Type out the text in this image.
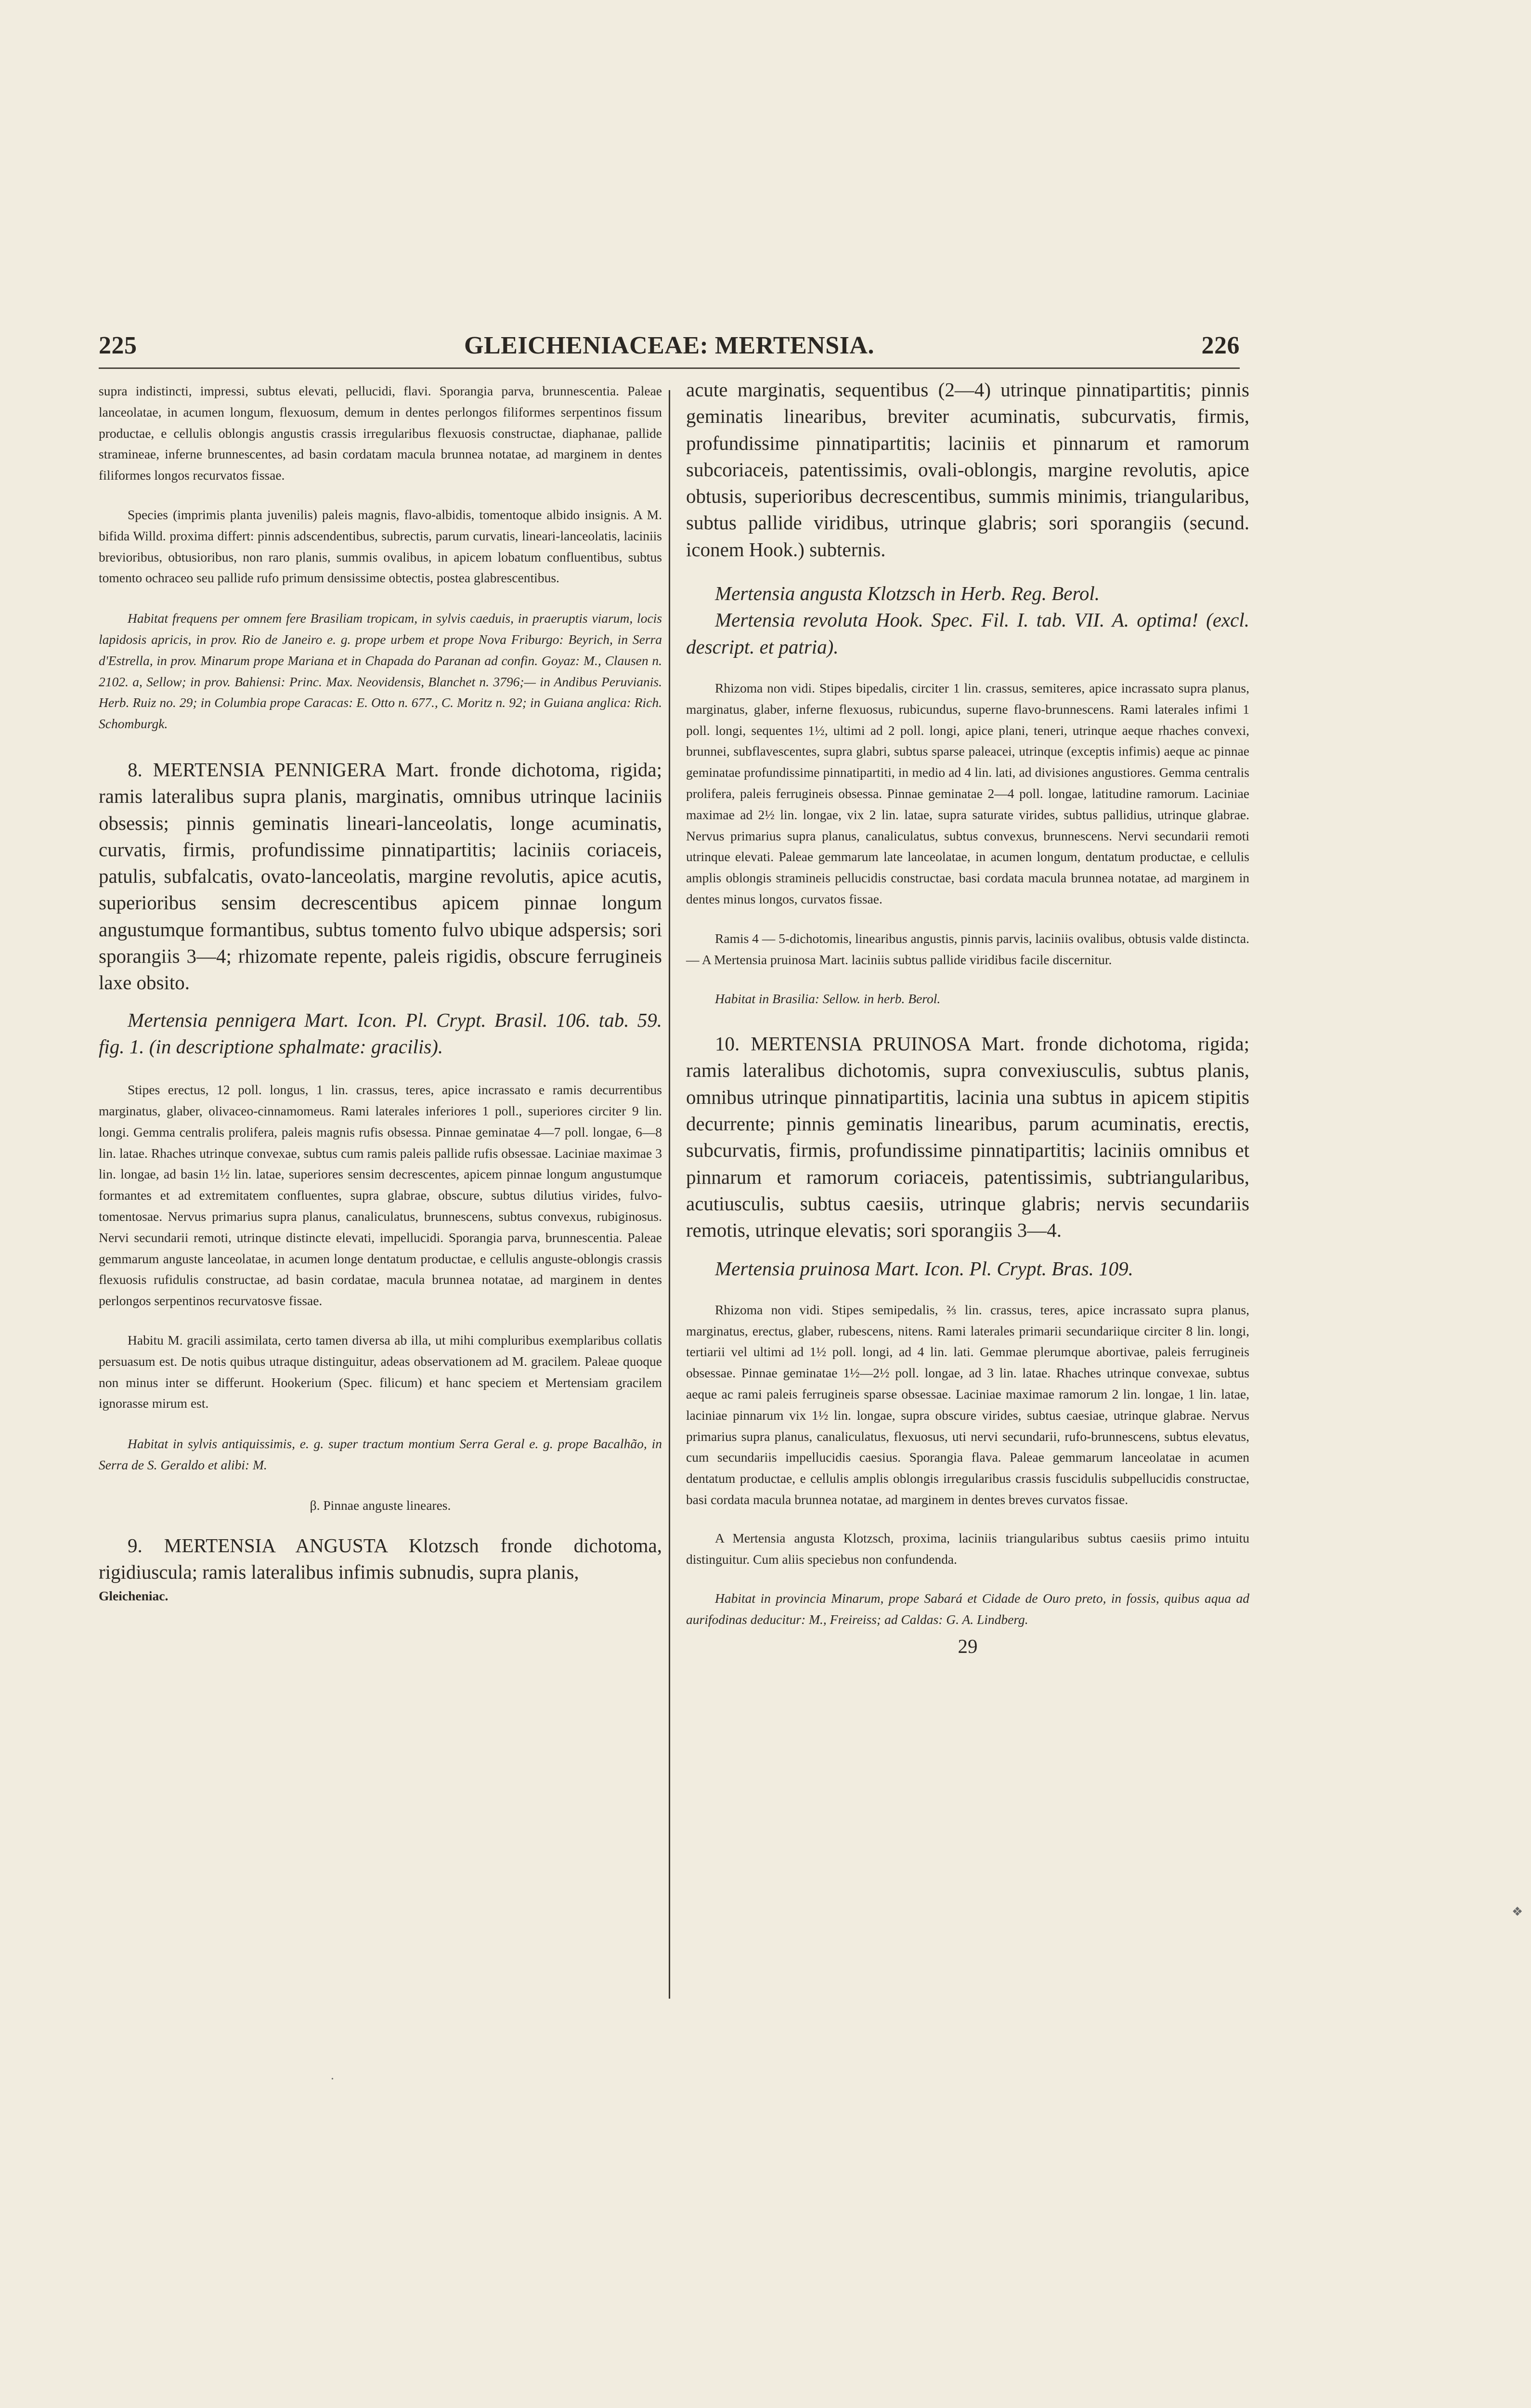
225	GLEICHENIACEAE: MERTENSIA.	226

supra indistincti, impressi, subtus elevati, pellucidi, flavi. Sporangia parva, brunnescentia. Paleae lanceolatae, in acumen longum, flexuosum, demum in dentes perlongos filiformes serpentinos fissum productae, e cellulis oblongis angustis crassis irregularibus flexuosis constructae, diaphanae, pallide stramineae, inferne brunnescentes, ad basin cordatam macula brunnea notatae, ad marginem in dentes filiformes longos recurvatos fissae.

Species (imprimis planta juvenilis) paleis magnis, flavo-albidis, tomentoque albido insignis. A M. bifida Willd. proxima differt: pinnis adscendentibus, subrectis, parum curvatis, lineari-lanceolatis, laciniis brevioribus, obtusioribus, non raro planis, summis ovalibus, in apicem lobatum confluentibus, subtus tomento ochraceo seu pallide rufo primum densissime obtectis, postea glabrescentibus.

Habitat frequens per omnem fere Brasiliam tropicam, in sylvis caeduis, in praeruptis viarum, locis lapidosis apricis, in prov. Rio de Janeiro e. g. prope urbem et prope Nova Friburgo: Beyrich, in Serra d'Estrella, in prov. Minarum prope Mariana et in Chapada do Paranan ad confin. Goyaz: M., Clausen n. 2102. a, Sellow; in prov. Bahiensi: Princ. Max. Neovidensis, Blanchet n. 3796;— in Andibus Peruvianis. Herb. Ruiz no. 29; in Columbia prope Caracas: E. Otto n. 677., C. Moritz n. 92; in Guiana anglica: Rich. Schomburgk.

8. MERTENSIA PENNIGERA Mart. fronde dichotoma, rigida; ramis lateralibus supra planis, marginatis, omnibus utrinque laciniis obsessis; pinnis geminatis lineari-lanceolatis, longe acuminatis, curvatis, firmis, profundissime pinnatipartitis; laciniis coriaceis, patulis, subfalcatis, ovato-lanceolatis, margine revolutis, apice acutis, superioribus sensim decrescentibus apicem pinnae longum angustumque formantibus, subtus tomento fulvo ubique adspersis; sori sporangiis 3—4; rhizomate repente, paleis rigidis, obscure ferrugineis laxe obsito.

Mertensia pennigera Mart. Icon. Pl. Crypt. Brasil. 106. tab. 59. fig. 1. (in descriptione sphalmate: gracilis).

Stipes erectus, 12 poll. longus, 1 lin. crassus, teres, apice incrassato e ramis decurrentibus marginatus, glaber, olivaceo-cinnamomeus. Rami laterales inferiores 1 poll., superiores circiter 9 lin. longi. Gemma centralis prolifera, paleis magnis rufis obsessa. Pinnae geminatae 4—7 poll. longae, 6—8 lin. latae. Rhaches utrinque convexae, subtus cum ramis paleis pallide rufis obsessae. Laciniae maximae 3 lin. longae, ad basin 1½ lin. latae, superiores sensim decrescentes, apicem pinnae longum angustumque formantes et ad extremitatem confluentes, supra glabrae, obscure, subtus dilutius virides, fulvo-tomentosae. Nervus primarius supra planus, canaliculatus, brunnescens, subtus convexus, rubiginosus. Nervi secundarii remoti, utrinque distincte elevati, impellucidi. Sporangia parva, brunnescentia. Paleae gemmarum anguste lanceolatae, in acumen longe dentatum productae, e cellulis anguste-oblongis crassis flexuosis rufidulis constructae, ad basin cordatae, macula brunnea notatae, ad marginem in dentes perlongos serpentinos recurvatosve fissae.

Habitu M. gracili assimilata, certo tamen diversa ab illa, ut mihi compluribus exemplaribus collatis persuasum est. De notis quibus utraque distinguitur, adeas observationem ad M. gracilem. Paleae quoque non minus inter se differunt. Hookerium (Spec. filicum) et hanc speciem et Mertensiam gracilem ignorasse mirum est.

Habitat in sylvis antiquissimis, e. g. super tractum montium Serra Geral e. g. prope Bacalhão, in Serra de S. Geraldo et alibi: M.

β. Pinnae anguste lineares.

9. MERTENSIA ANGUSTA Klotzsch fronde dichotoma, rigidiuscula; ramis lateralibus infimis subnudis, supra planis,

Gleicheniac.

acute marginatis, sequentibus (2—4) utrinque pinnatipartitis; pinnis geminatis linearibus, breviter acuminatis, subcurvatis, firmis, profundissime pinnatipartitis; laciniis et pinnarum et ramorum subcoriaceis, patentissimis, ovali-oblongis, margine revolutis, apice obtusis, superioribus decrescentibus, summis minimis, triangularibus, subtus pallide viridibus, utrinque glabris; sori sporangiis (secund. iconem Hook.) subternis.

Mertensia angusta Klotzsch in Herb. Reg. Berol.

Mertensia revoluta Hook. Spec. Fil. I. tab. VII. A. optima! (excl. descript. et patria).

Rhizoma non vidi. Stipes bipedalis, circiter 1 lin. crassus, semiteres, apice incrassato supra planus, marginatus, glaber, inferne flexuosus, rubicundus, superne flavo-brunnescens. Rami laterales infimi 1 poll. longi, sequentes 1½, ultimi ad 2 poll. longi, apice plani, teneri, utrinque aeque rhaches convexi, brunnei, subflavescentes, supra glabri, subtus sparse paleacei, utrinque (exceptis infimis) aeque ac pinnae geminatae profundissime pinnatipartiti, in medio ad 4 lin. lati, ad divisiones angustiores. Gemma centralis prolifera, paleis ferrugineis obsessa. Pinnae geminatae 2—4 poll. longae, latitudine ramorum. Laciniae maximae ad 2½ lin. longae, vix 2 lin. latae, supra saturate virides, subtus pallidius, utrinque glabrae. Nervus primarius supra planus, canaliculatus, subtus convexus, brunnescens. Nervi secundarii remoti utrinque elevati. Paleae gemmarum late lanceolatae, in acumen longum, dentatum productae, e cellulis amplis oblongis stramineis pellucidis constructae, basi cordata macula brunnea notatae, ad marginem in dentes minus longos, curvatos fissae.

Ramis 4 — 5-dichotomis, linearibus angustis, pinnis parvis, laciniis ovalibus, obtusis valde distincta. — A Mertensia pruinosa Mart. laciniis subtus pallide viridibus facile discernitur.

Habitat in Brasilia: Sellow. in herb. Berol.

10. MERTENSIA PRUINOSA Mart. fronde dichotoma, rigida; ramis lateralibus dichotomis, supra convexiusculis, subtus planis, omnibus utrinque pinnatipartitis, lacinia una subtus in apicem stipitis decurrente; pinnis geminatis linearibus, parum acuminatis, erectis, subcurvatis, firmis, profundissime pinnatipartitis; laciniis omnibus et pinnarum et ramorum coriaceis, patentissimis, subtriangularibus, acutiusculis, subtus caesiis, utrinque glabris; nervis secundariis remotis, utrinque elevatis; sori sporangiis 3—4.

Mertensia pruinosa Mart. Icon. Pl. Crypt. Bras. 109.

Rhizoma non vidi. Stipes semipedalis, ⅔ lin. crassus, teres, apice incrassato supra planus, marginatus, erectus, glaber, rubescens, nitens. Rami laterales primarii secundariique circiter 8 lin. longi, tertiarii vel ultimi ad 1½ poll. longi, ad 4 lin. lati. Gemmae plerumque abortivae, paleis ferrugineis obsessae. Pinnae geminatae 1½—2½ poll. longae, ad 3 lin. latae. Rhaches utrinque convexae, subtus aeque ac rami paleis ferrugineis sparse obsessae. Laciniae maximae ramorum 2 lin. longae, 1 lin. latae, laciniae pinnarum vix 1½ lin. longae, supra obscure virides, subtus caesiae, utrinque glabrae. Nervus primarius supra planus, canaliculatus, flexuosus, uti nervi secundarii, rufo-brunnescens, subtus elevatus, cum secundariis impellucidis caesius. Sporangia flava. Paleae gemmarum lanceolatae in acumen dentatum productae, e cellulis amplis oblongis irregularibus crassis fuscidulis subpellucidis constructae, basi cordata macula brunnea notatae, ad marginem in dentes breves curvatos fissae.

A Mertensia angusta Klotzsch, proxima, laciniis triangularibus subtus caesiis primo intuitu distinguitur. Cum aliis speciebus non confundenda.

Habitat in provincia Minarum, prope Sabará et Cidade de Ouro preto, in fossis, quibus aqua ad aurifodinas deducitur: M., Freireiss; ad Caldas: G. A. Lindberg.

29

❖
•
